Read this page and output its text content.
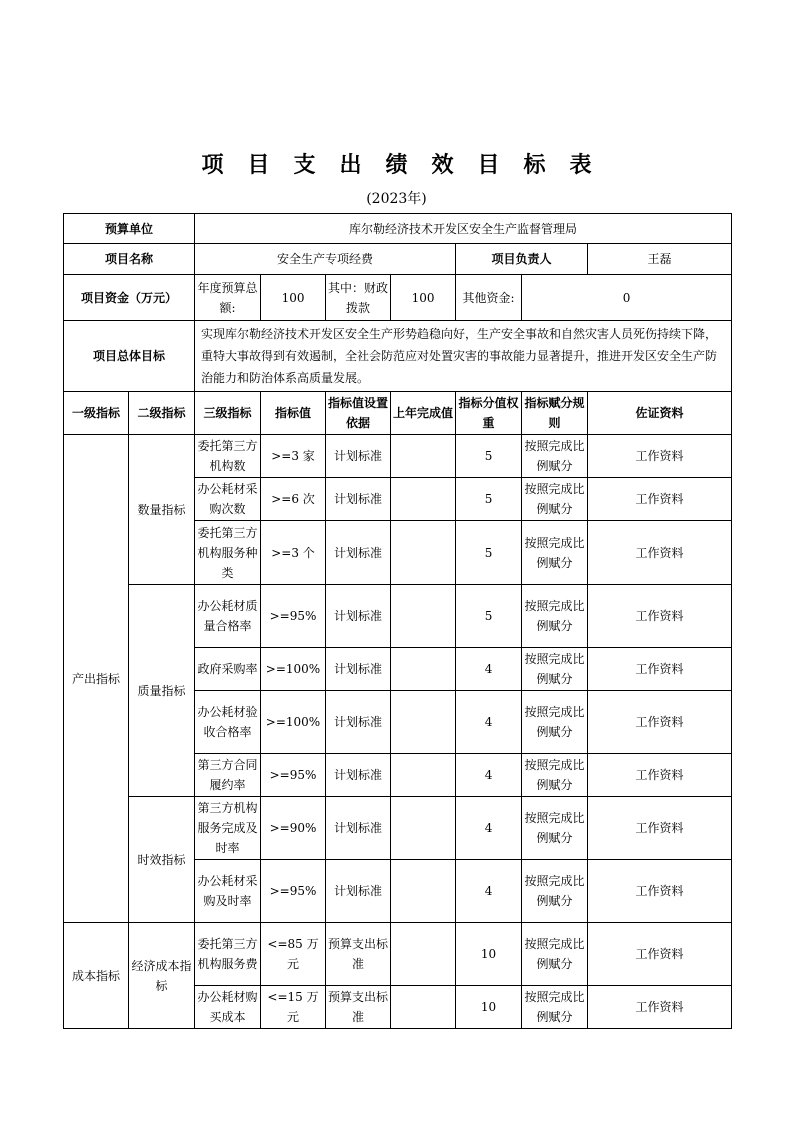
项目支出绩效目标表
(2023年)
预算单位		库尔勒经济技术开发区安全生产监督管理局						
项目名称		安全生产专项经费				项目负责人		王磊
项目资金（万元）		年度预算总额:	100	其中：财政拨款	100	其他资金:	0	
项目总体目标		实现库尔勒经济技术开发区安全生产形势趋稳向好，生产安全事故和自然灾害人员死伤持续下降，重特大事故得到有效遏制，全社会防范应对处置灾害的事故能力显著提升，推进开发区安全生产防治能力和防治体系高质量发展。						
一级指标	二级指标	三级指标	指标值	指标值设置依据	上年完成值	指标分值权重	指标赋分规则	佐证资料
产出指标	数量指标	委托第三方机构数	>=3 家	计划标准		5	按照完成比例赋分	工作资料
		办公耗材采购次数	>=6 次	计划标准		5	按照完成比例赋分	工作资料
		委托第三方机构服务种类	>=3 个	计划标准		5	按照完成比例赋分	工作资料
	质量指标	办公耗材质量合格率	>=95%	计划标准		5	按照完成比例赋分	工作资料
		政府采购率	>=100%	计划标准		4	按照完成比例赋分	工作资料
		办公耗材验收合格率	>=100%	计划标准		4	按照完成比例赋分	工作资料
		第三方合同履约率	>=95%	计划标准		4	按照完成比例赋分	工作资料
	时效指标	第三方机构服务完成及时率	>=90%	计划标准		4	按照完成比例赋分	工作资料
		办公耗材采购及时率	>=95%	计划标准		4	按照完成比例赋分	工作资料
成本指标	经济成本指标	委托第三方机构服务费	<=85 万元	预算支出标准		10	按照完成比例赋分	工作资料
		办公耗材购买成本	<=15 万元	预算支出标准		10	按照完成比例赋分	工作资料
